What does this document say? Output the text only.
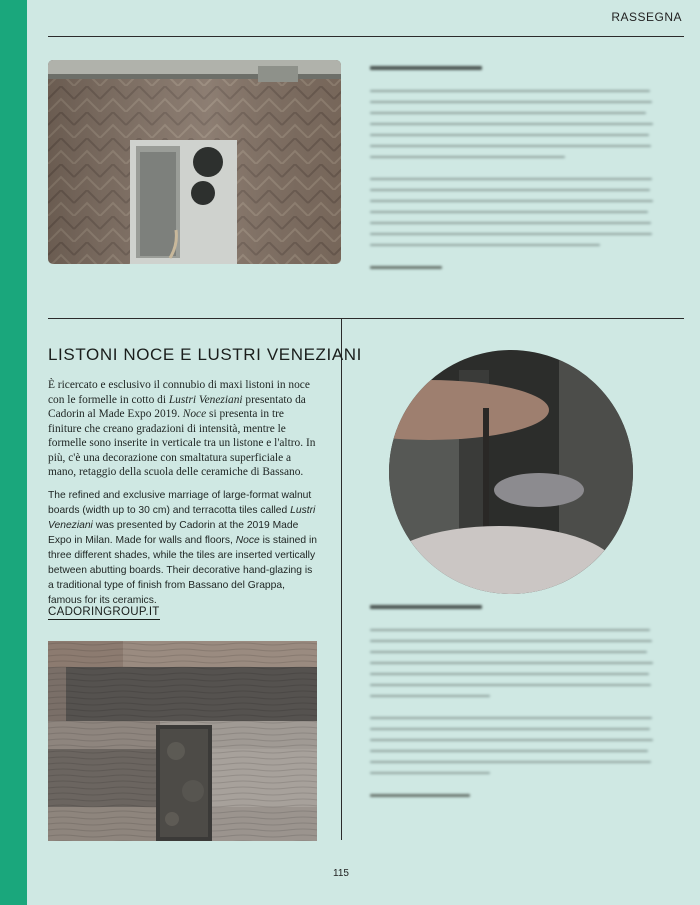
RASSEGNA
LISTONI NOCE E LUSTRI VENEZIANI

È ricercato e esclusivo il connubio di maxi listoni in noce con le formelle in cotto di Lustri Veneziani presentato da Cadorin al Made Expo 2019. Noce si presenta in tre finiture che creano gradazioni di intensità, mentre le formelle sono inserite in verticale tra un listone e l'altro. In più, c'è una decorazione con smaltatura superficiale a mano, retaggio della scuola delle ceramiche di Bassano.

The refined and exclusive marriage of large-format walnut boards (width up to 30 cm) and terracotta tiles called Lustri Veneziani was presented by Cadorin at the 2019 Made Expo in Milan. Made for walls and floors, Noce is stained in three different shades, while the tiles are inserted vertically between abutting boards. Their decorative hand-glazing is a traditional type of finish from Bassano del Grappa, famous for its ceramics.

CADORINGROUP.IT
115
